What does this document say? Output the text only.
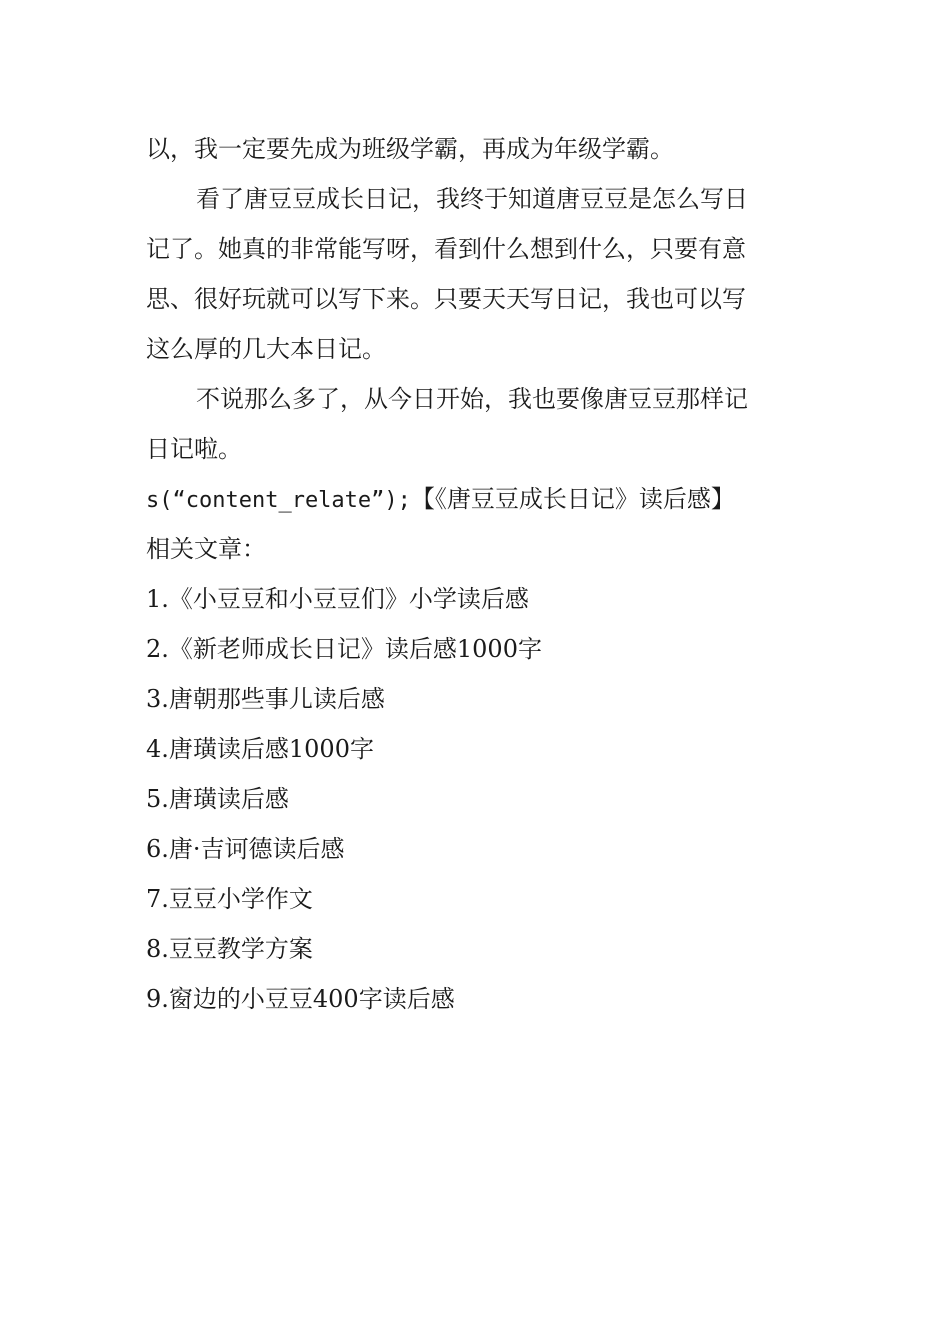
以，我一定要先成为班级学霸，再成为年级学霸。

看了唐豆豆成长日记，我终于知道唐豆豆是怎么写日

记了。她真的非常能写呀，看到什么想到什么，只要有意

思、很好玩就可以写下来。只要天天写日记，我也可以写

这么厚的几大本日记。

不说那么多了，从今日开始，我也要像唐豆豆那样记

日记啦。

s(“content_relate”);【《唐豆豆成长日记》读后感】

相关文章：

1.《小豆豆和小豆豆们》小学读后感
2.《新老师成长日记》读后感1000字
3.唐朝那些事儿读后感
4.唐璜读后感1000字
5.唐璜读后感
6.唐·吉诃德读后感
7.豆豆小学作文
8.豆豆教学方案
9.窗边的小豆豆400字读后感
